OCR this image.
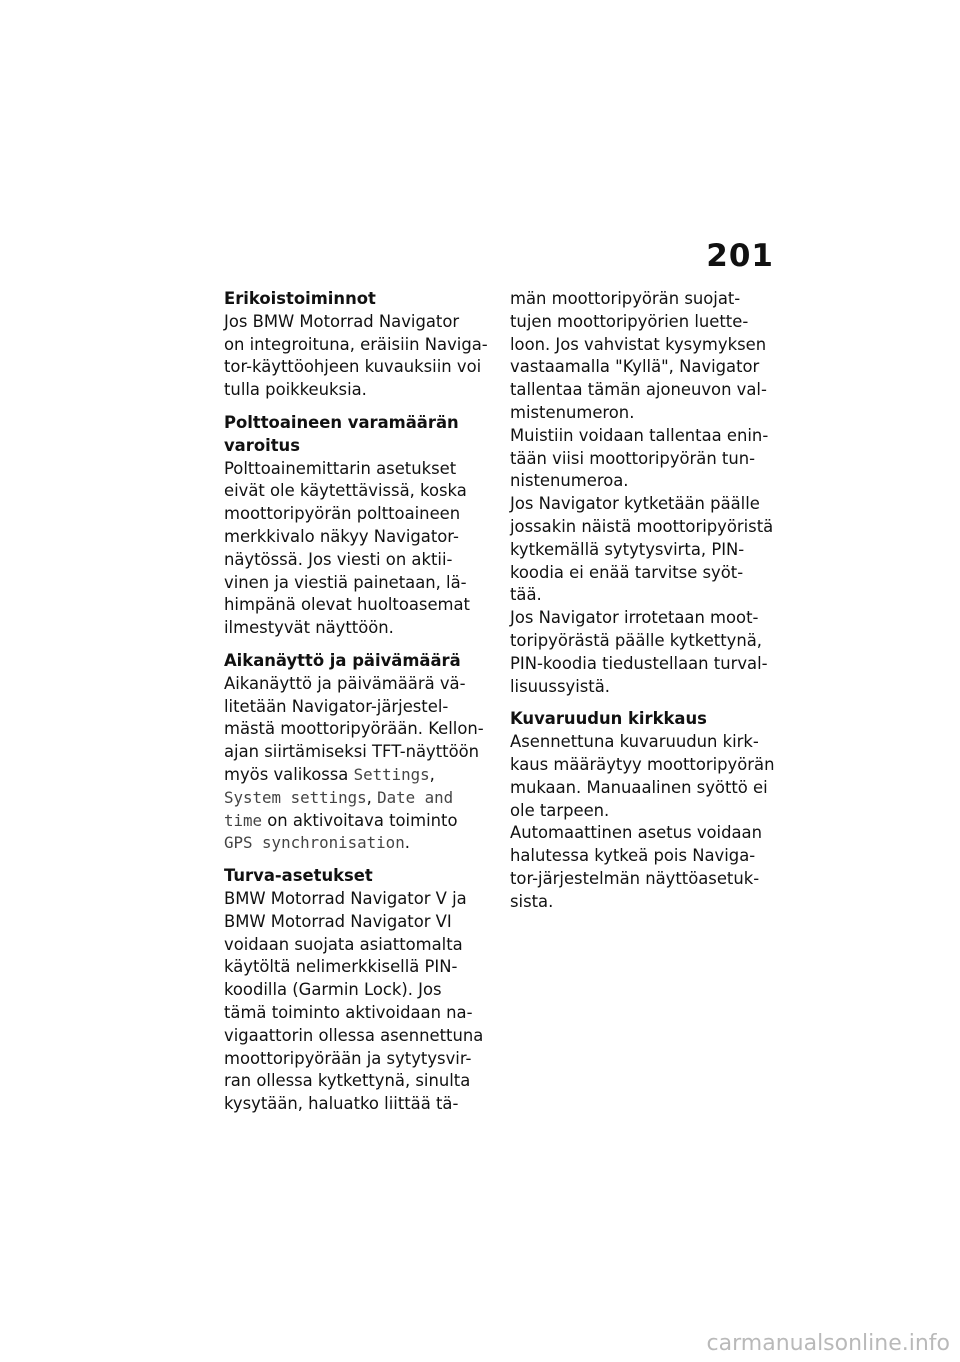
201
Erikoistoiminnot
Jos BMW Motorrad Navigator
on integroituna, eräisiin Naviga-
tor-käyttöohjeen kuvauksiin voi
tulla poikkeuksia.
Polttoaineen varamäärän
varoitus
Polttoainemittarin asetukset
eivät ole käytettävissä, koska
moottoripyörän polttoaineen
merkkivalo näkyy Navigator-
näytössä. Jos viesti on aktii-
vinen ja viestiä painetaan, lä-
himpänä olevat huoltoasemat
ilmestyvät näyttöön.
Aikanäyttö ja päivämäärä
Aikanäyttö ja päivämäärä vä-
litetään Navigator-järjestel-
mästä moottoripyörään. Kellon-
ajan siirtämiseksi TFT-näyttöön
myös valikossa Settings,
System settings, Date and
time on aktivoitava toiminto
GPS synchronisation.
Turva-asetukset
BMW Motorrad Navigator V ja
BMW Motorrad Navigator VI
voidaan suojata asiattomalta
käytöltä nelimerkkisellä PIN-
koodilla (Garmin Lock). Jos
tämä toiminto aktivoidaan na-
vigaattorin ollessa asennettuna
moottoripyörään ja sytytysvir-
ran ollessa kytkettynä, sinulta
kysytään, haluatko liittää tä-
män moottoripyörän suojat-
tujen moottoripyörien luette-
loon. Jos vahvistat kysymyksen
vastaamalla "Kyllä", Navigator
tallentaa tämän ajoneuvon val-
mistenumeron.
Muistiin voidaan tallentaa enin-
tään viisi moottoripyörän tun-
nistenumeroa.
Jos Navigator kytketään päälle
jossakin näistä moottoripyöristä
kytkemällä sytytysvirta, PIN-
koodia ei enää tarvitse syöt-
tää.
Jos Navigator irrotetaan moot-
toripyörästä päälle kytkettynä,
PIN-koodia tiedustellaan turval-
lisuussyistä.
Kuvaruudun kirkkaus
Asennettuna kuvaruudun kirk-
kaus määräytyy moottoripyörän
mukaan. Manuaalinen syöttö ei
ole tarpeen.
Automaattinen asetus voidaan
halutessa kytkeä pois Naviga-
tor-järjestelmän näyttöasetuk-
sista.
carmanualsonline.info
